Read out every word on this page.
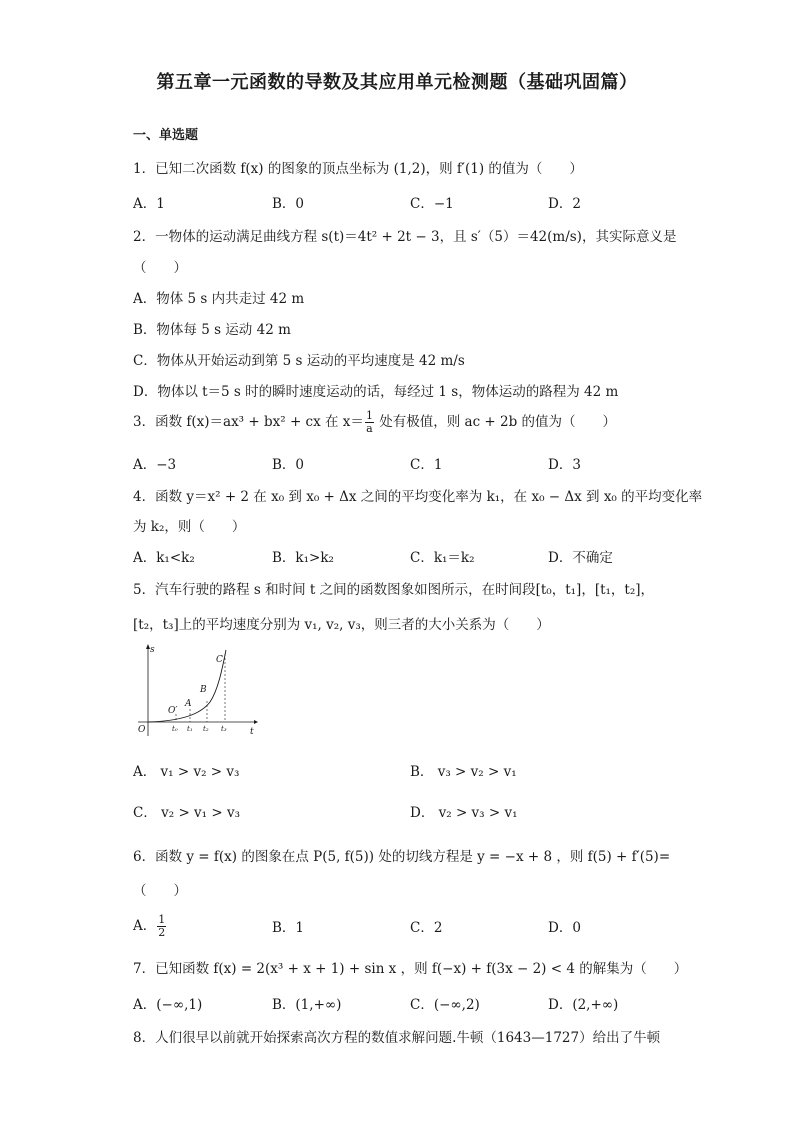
第五章一元函数的导数及其应用单元检测题（基础巩固篇）
一、单选题
1．已知二次函数 f(x) 的图象的顶点坐标为 (1,2)，则 f′(1) 的值为（　　）
A．1	B．0	C．−1	D．2
2．一物体的运动满足曲线方程 s(t)＝4t² + 2t − 3，且 s′（5）＝42(m/s)，其实际意义是
（　　）
A．物体 5 s 内共走过 42 m
B．物体每 5 s 运动 42 m
C．物体从开始运动到第 5 s 运动的平均速度是 42 m/s
D．物体以 t＝5 s 时的瞬时速度运动的话，每经过 1 s，物体运动的路程为 42 m
3．函数 f(x)＝ax³ + bx² + cx 在 $x= \frac{1}{a}$ 处有极值，则 ac + 2b 的值为（　　）
A．−3	B．0	C．1	D．3
4．函数 y＝x² + 2 在 x₀ 到 x₀ + Δx 之间的平均变化率为 k₁，在 x₀ − Δx 到 x₀ 的平均变化率
为 k₂，则（　　）
A．k₁<k₂	B．k₁>k₂	C．k₁＝k₂	D．不确定
5．汽车行驶的路程 s 和时间 t 之间的函数图象如图所示，在时间段[t₀，t₁]，[t₁，t₂]，
[t₂，t₃]上的平均速度分别为 v₁, v₂, v₃，则三者的大小关系为（　　）
s
t
O
O′
A
B
C
t₀ t₁ t₂ t₃
A． v₁ > v₂ > v₃	B． v₃ > v₂ > v₁
C． v₂ > v₁ > v₃	D． v₂ > v₃ > v₁
6．函数 y = f(x) 的图象在点 P(5, f(5)) 处的切线方程是 y = −x + 8 ，则 f(5) + f′(5)=
（　　）
A． $\frac{1}{2}$	B．1	C．2	D．0
7．已知函数 f(x) = 2(x³ + x + 1) + sin x ，则 f(−x) + f(3x − 2) < 4 的解集为（　　）
A．(−∞,1)	B．(1,+∞)	C．(−∞,2)	D．(2,+∞)
8．人们很早以前就开始探索高次方程的数值求解问题.牛顿（1643—1727）给出了牛顿
